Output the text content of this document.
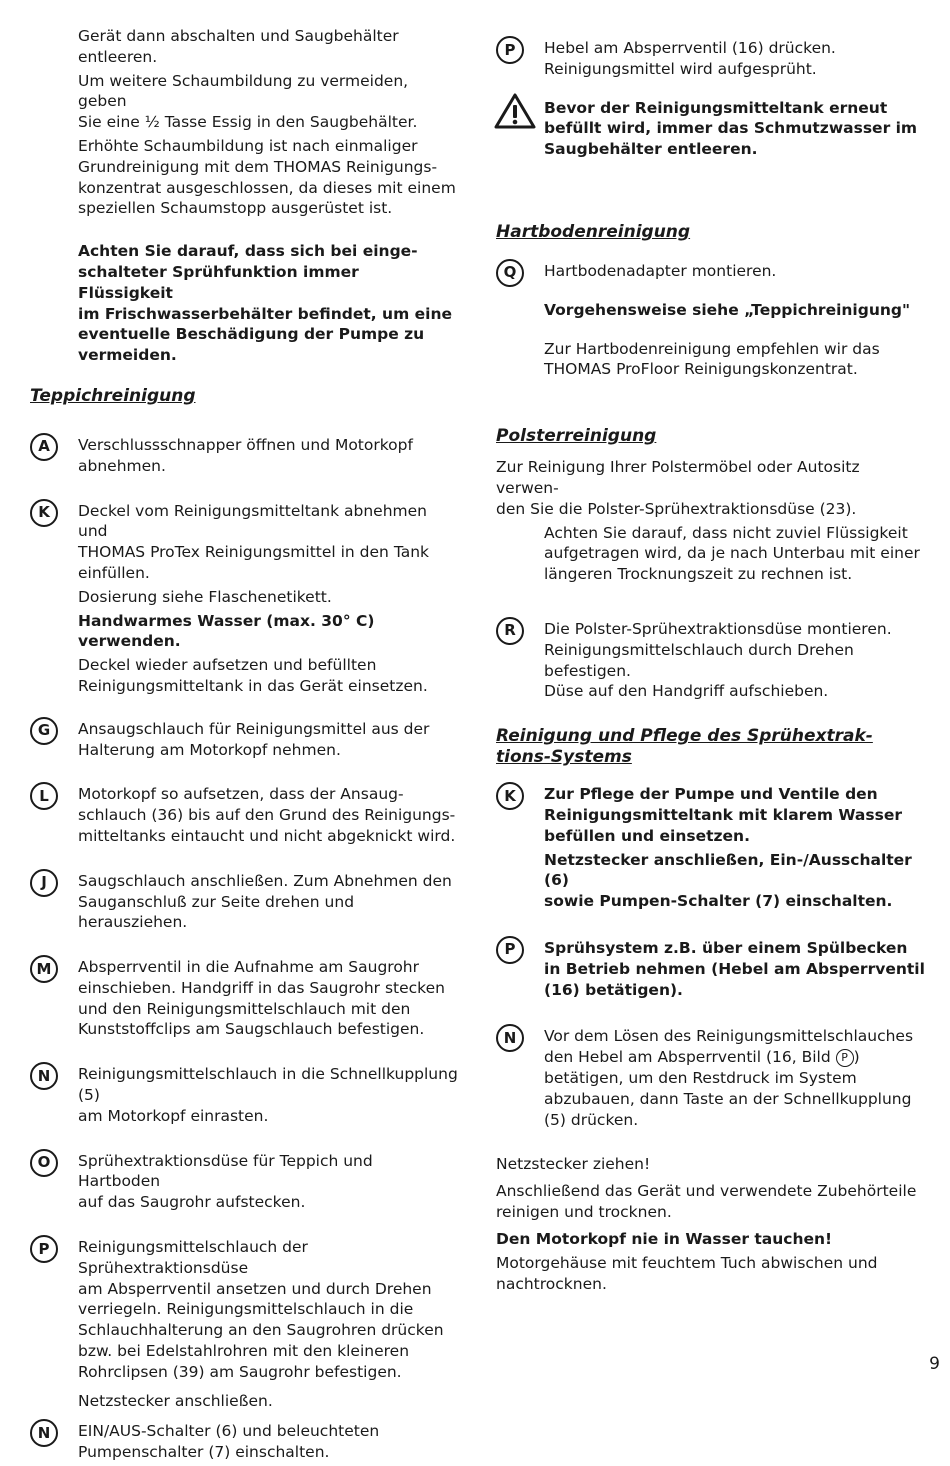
Gerät dann abschalten und Saugbehälter
entleeren.

Um weitere Schaumbildung zu vermeiden, geben
Sie eine ½ Tasse Essig in den Saugbehälter.

Erhöhte Schaumbildung ist nach einmaliger
Grundreinigung mit dem THOMAS Reinigungs-
konzentrat ausgeschlossen, da dieses mit einem
speziellen Schaumstopp ausgerüstet ist.

Achten Sie darauf, dass sich bei einge-
schalteter Sprühfunktion immer Flüssigkeit
im Frischwasserbehälter befindet, um eine
eventuelle Beschädigung der Pumpe zu
vermeiden.

Teppichreinigung

A	Verschlussschnapper öffnen und Motorkopf
abnehmen.

K	Deckel vom Reinigungsmitteltank abnehmen und
THOMAS ProTex Reinigungsmittel in den Tank
einfüllen.

Dosierung siehe Flaschenetikett.

Handwarmes Wasser (max. 30° C)
verwenden.

Deckel wieder aufsetzen und befüllten
Reinigungsmitteltank in das Gerät einsetzen.

G	Ansaugschlauch für Reinigungsmittel aus der
Halterung am Motorkopf nehmen.

L	Motorkopf so aufsetzen, dass der Ansaug-
schlauch (36) bis auf den Grund des Reinigungs-
mitteltanks eintaucht und nicht abgeknickt wird.

J	Saugschlauch anschließen. Zum Abnehmen den
Sauganschluß zur Seite drehen und herausziehen.

M	Absperrventil in die Aufnahme am Saugrohr
einschieben. Handgriff in das Saugrohr stecken
und den Reinigungsmittelschlauch mit den
Kunststoffclips am Saugschlauch befestigen.

N	Reinigungsmittelschlauch in die Schnellkupplung (5)
am Motorkopf einrasten.

O	Sprühextraktionsdüse für Teppich und Hartboden
auf das Saugrohr aufstecken.

P	Reinigungsmittelschlauch der Sprühextraktionsdüse
am Absperrventil ansetzen und durch Drehen
verriegeln. Reinigungsmittelschlauch in die
Schlauchhalterung an den Saugrohren drücken
bzw. bei Edelstahlrohren mit den kleineren
Rohrclipsen (39) am Saugrohr befestigen.

Netzstecker anschließen.

N	EIN/AUS-Schalter (6) und beleuchteten
Pumpenschalter (7) einschalten.

P	Hebel am Absperrventil (16) drücken.
Reinigungsmittel wird aufgesprüht.

Bevor der Reinigungsmitteltank erneut
befüllt wird, immer das Schmutzwasser im
Saugbehälter entleeren.

Hartbodenreinigung

Q	Hartbodenadapter montieren.

Vorgehensweise siehe „Teppichreinigung"

Zur Hartbodenreinigung empfehlen wir das
THOMAS ProFloor Reinigungskonzentrat.

Polsterreinigung

Zur Reinigung Ihrer Polstermöbel oder Autositz verwen-
den Sie die Polster-Sprühextraktionsdüse (23).

Achten Sie darauf, dass nicht zuviel Flüssigkeit
aufgetragen wird, da je nach Unterbau mit einer
längeren Trocknungszeit zu rechnen ist.

R	Die Polster-Sprühextraktionsdüse montieren.
Reinigungsmittelschlauch durch Drehen befestigen.
Düse auf den Handgriff aufschieben.

Reinigung und Pflege des Sprühextrak-
tions-Systems

K	Zur Pflege der Pumpe und Ventile den
Reinigungsmitteltank mit klarem Wasser
befüllen und einsetzen.

Netzstecker anschließen, Ein-/Ausschalter (6)
sowie Pumpen-Schalter (7) einschalten.

P	Sprühsystem z.B. über einem Spülbecken
in Betrieb nehmen (Hebel am Absperrventil
(16) betätigen).

N	Vor dem Lösen des Reinigungsmittelschlauches
den Hebel am Absperrventil (16, Bild P )
betätigen, um den Restdruck im System
abzubauen, dann Taste an der Schnellkupplung
(5) drücken.

Netzstecker ziehen!

Anschließend das Gerät und verwendete Zubehörteile
reinigen und trocknen.

Den Motorkopf nie in Wasser tauchen!

Motorgehäuse mit feuchtem Tuch abwischen und
nachtrocknen.

9
